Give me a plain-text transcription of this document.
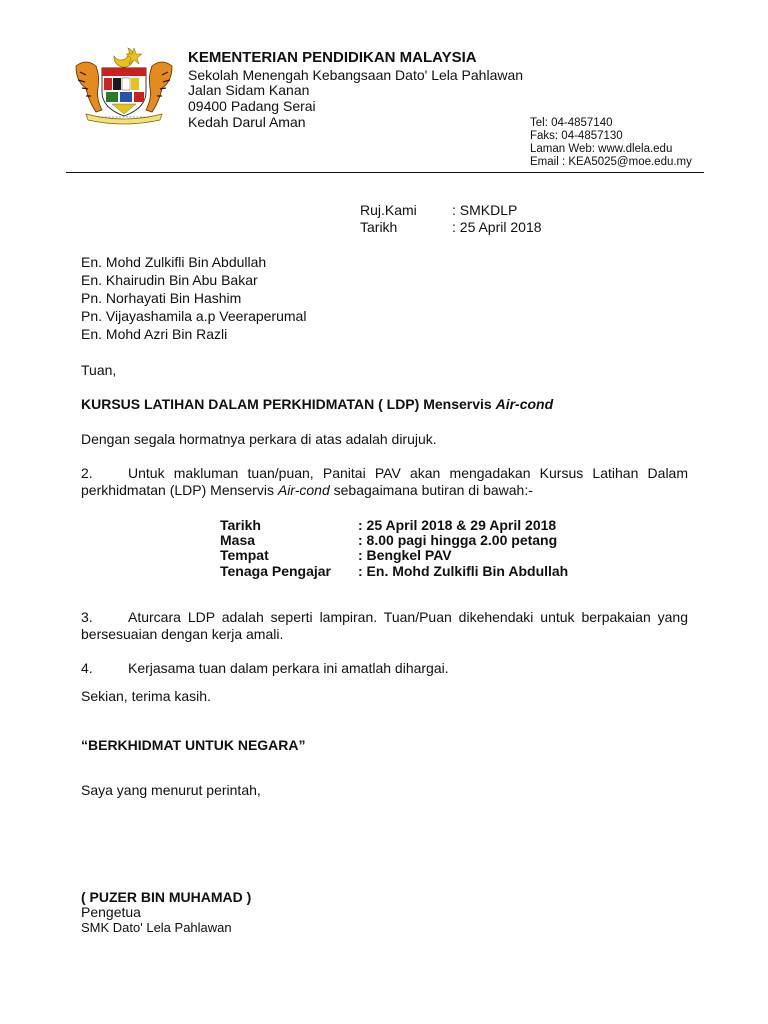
KEMENTERIAN PENDIDIKAN MALAYSIA
Sekolah Menengah Kebangsaan Dato' Lela Pahlawan
Jalan Sidam Kanan
09400 Padang Serai
Kedah Darul Aman	Tel: 04-4857140
Faks: 04-4857130
Laman Web: www.dlela.edu
Email : KEA5025@moe.edu.my
Ruj.Kami	: SMKDLP
Tarikh	: 25 April 2018
En. Mohd Zulkifli Bin Abdullah
En. Khairudin Bin Abu Bakar
Pn. Norhayati Bin Hashim
Pn. Vijayashamila a.p Veeraperumal
En. Mohd Azri Bin Razli
Tuan,
KURSUS LATIHAN DALAM PERKHIDMATAN ( LDP) Menservis Air-cond
Dengan segala hormatnya perkara di atas adalah dirujuk.
2.	Untuk makluman tuan/puan, Panitai PAV akan mengadakan Kursus Latihan Dalam
perkhidmatan (LDP) Menservis Air-cond sebagaimana butiran di bawah:-
Tarikh	: 25 April 2018 & 29 April 2018
Masa	: 8.00 pagi hingga 2.00 petang
Tempat	: Bengkel PAV
Tenaga Pengajar : En. Mohd Zulkifli Bin Abdullah
3.	Aturcara LDP adalah seperti lampiran. Tuan/Puan dikehendaki untuk berpakaian yang
bersesuaian dengan kerja amali.
4.	Kerjasama tuan dalam perkara ini amatlah dihargai.
Sekian, terima kasih.
“BERKHIDMAT UNTUK NEGARA”
Saya yang menurut perintah,
( PUZER BIN MUHAMAD )
Pengetua
SMK Dato' Lela Pahlawan
